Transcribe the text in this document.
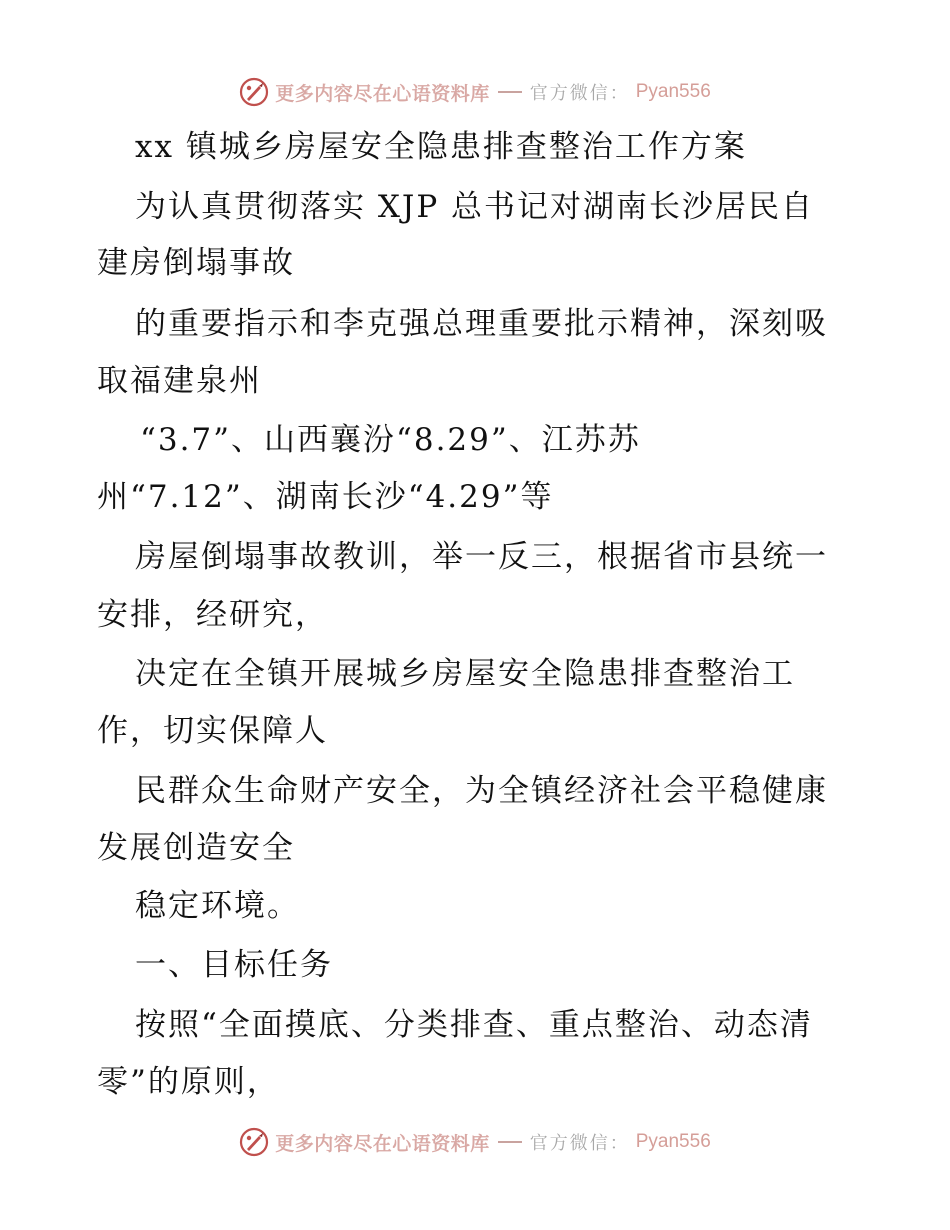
更多内容尽在心语资料库 官方微信： Pyan556
xx 镇城乡房屋安全隐患排查整治工作方案
为认真贯彻落实 XJP 总书记对湖南长沙居民自
建房倒塌事故
的重要指示和李克强总理重要批示精神，深刻吸
取福建泉州
“3.7”、山西襄汾“8.29”、江苏苏
州“7.12”、湖南长沙“4.29”等
房屋倒塌事故教训，举一反三，根据省市县统一
安排，经研究，
决定在全镇开展城乡房屋安全隐患排查整治工
作，切实保障人
民群众生命财产安全，为全镇经济社会平稳健康
发展创造安全
稳定环境。
一、目标任务
按照“全面摸底、分类排查、重点整治、动态清
零”的原则，
更多内容尽在心语资料库 官方微信： Pyan556
